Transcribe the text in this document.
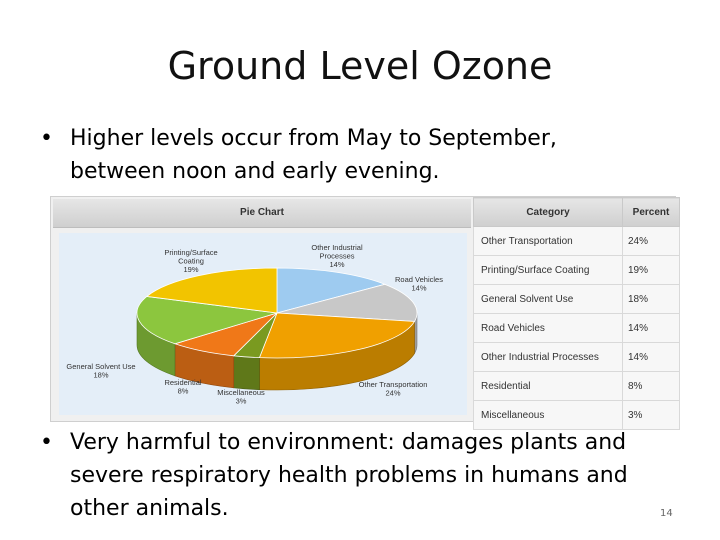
Ground Level Ozone
• Higher levels occur from May to September, between noon and early evening.
Pie Chart
Other Industrial Processes 14%
Road Vehicles 14%
Other Transportation 24%
Miscellaneous 3%
Residential 8%
General Solvent Use 18%
Printing/Surface Coating 19%
Category	Percent
Other Transportation	24%
Printing/Surface Coating	19%
General Solvent Use	18%
Road Vehicles	14%
Other Industrial Processes	14%
Residential	8%
Miscellaneous	3%
• Very harmful to environment: damages plants and severe respiratory health problems in humans and other animals.	14
